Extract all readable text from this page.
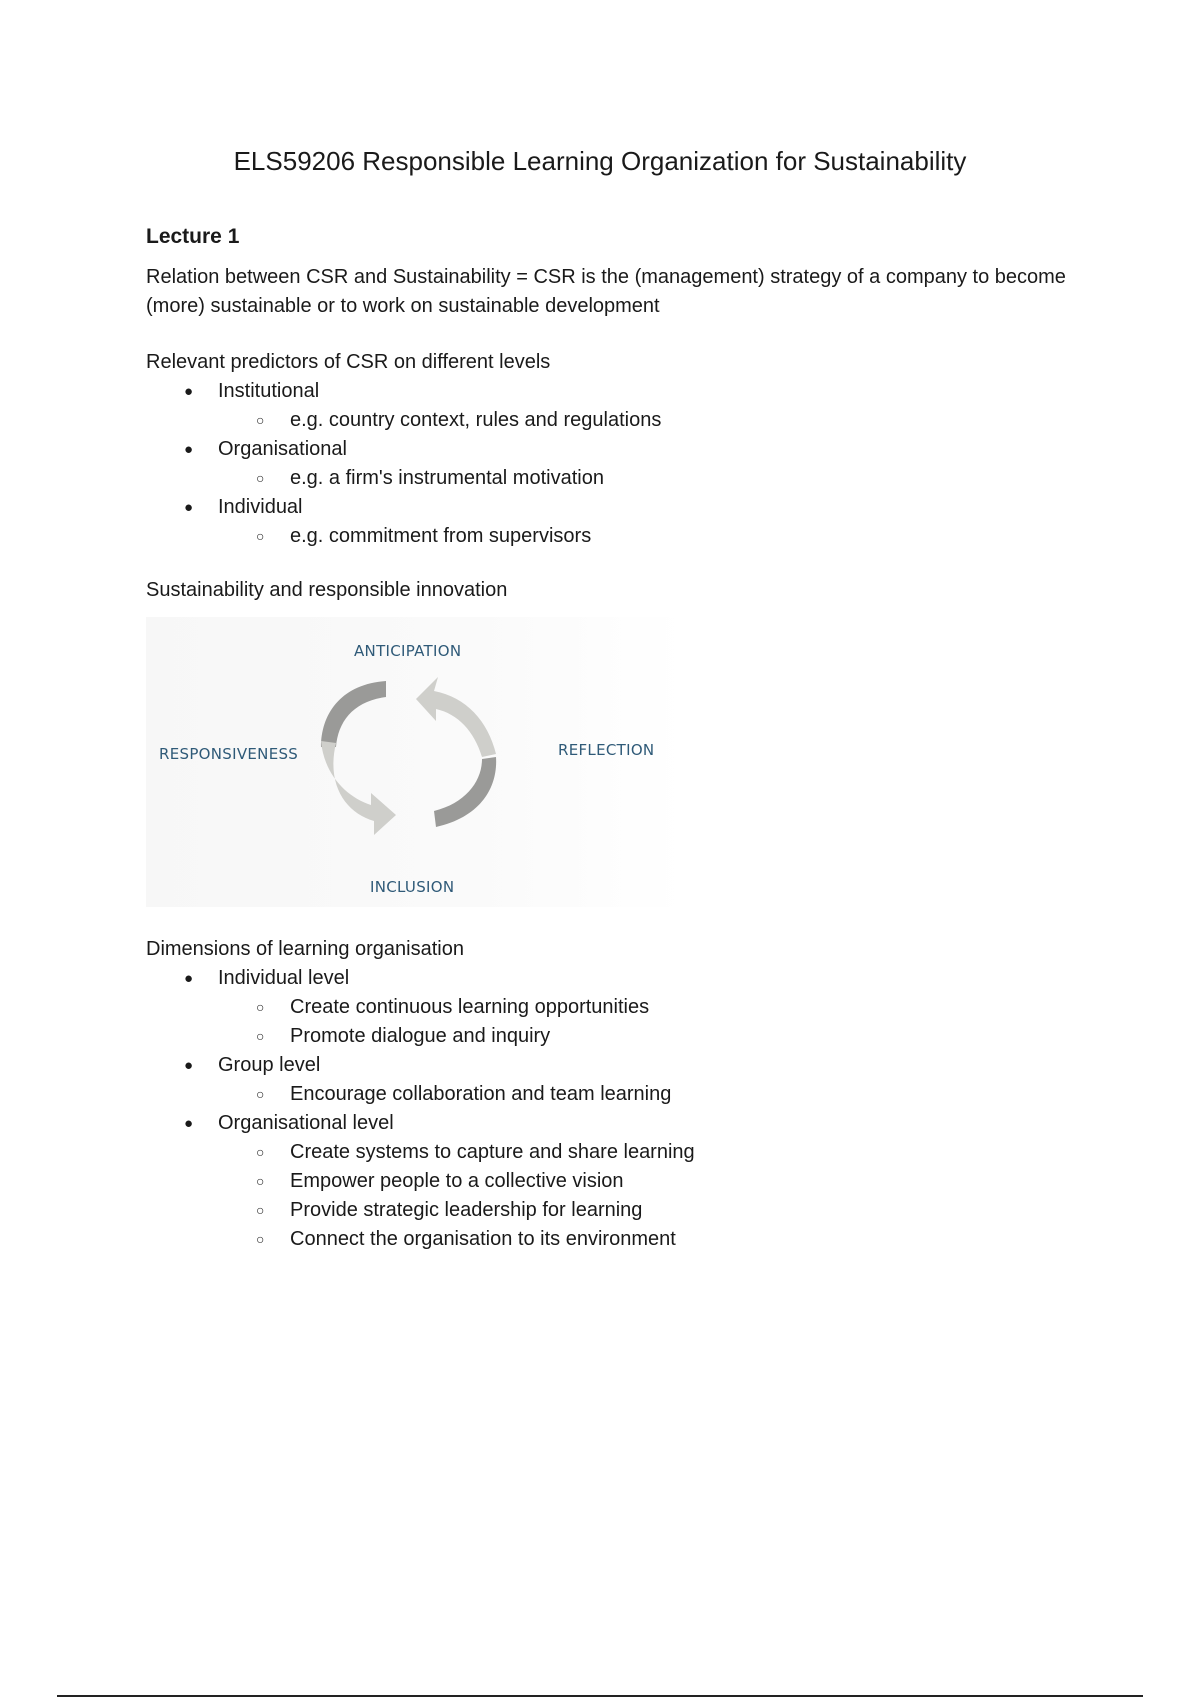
ELS59206 Responsible Learning Organization for Sustainability
Lecture 1

Relation between CSR and Sustainability = CSR is the (management) strategy of a company to become (more) sustainable or to work on sustainable development

Relevant predictors of CSR on different levels

● Institutional
○ e.g. country context, rules and regulations
● Organisational
○ e.g. a firm's instrumental motivation
● Individual
○ e.g. commitment from supervisors

Sustainability and responsible innovation

ANTICIPATION
REFLECTION
INCLUSION
RESPONSIVENESS

Dimensions of learning organisation

● Individual level
○ Create continuous learning opportunities
○ Promote dialogue and inquiry
● Group level
○ Encourage collaboration and team learning
● Organisational level
○ Create systems to capture and share learning
○ Empower people to a collective vision
○ Provide strategic leadership for learning
○ Connect the organisation to its environment
